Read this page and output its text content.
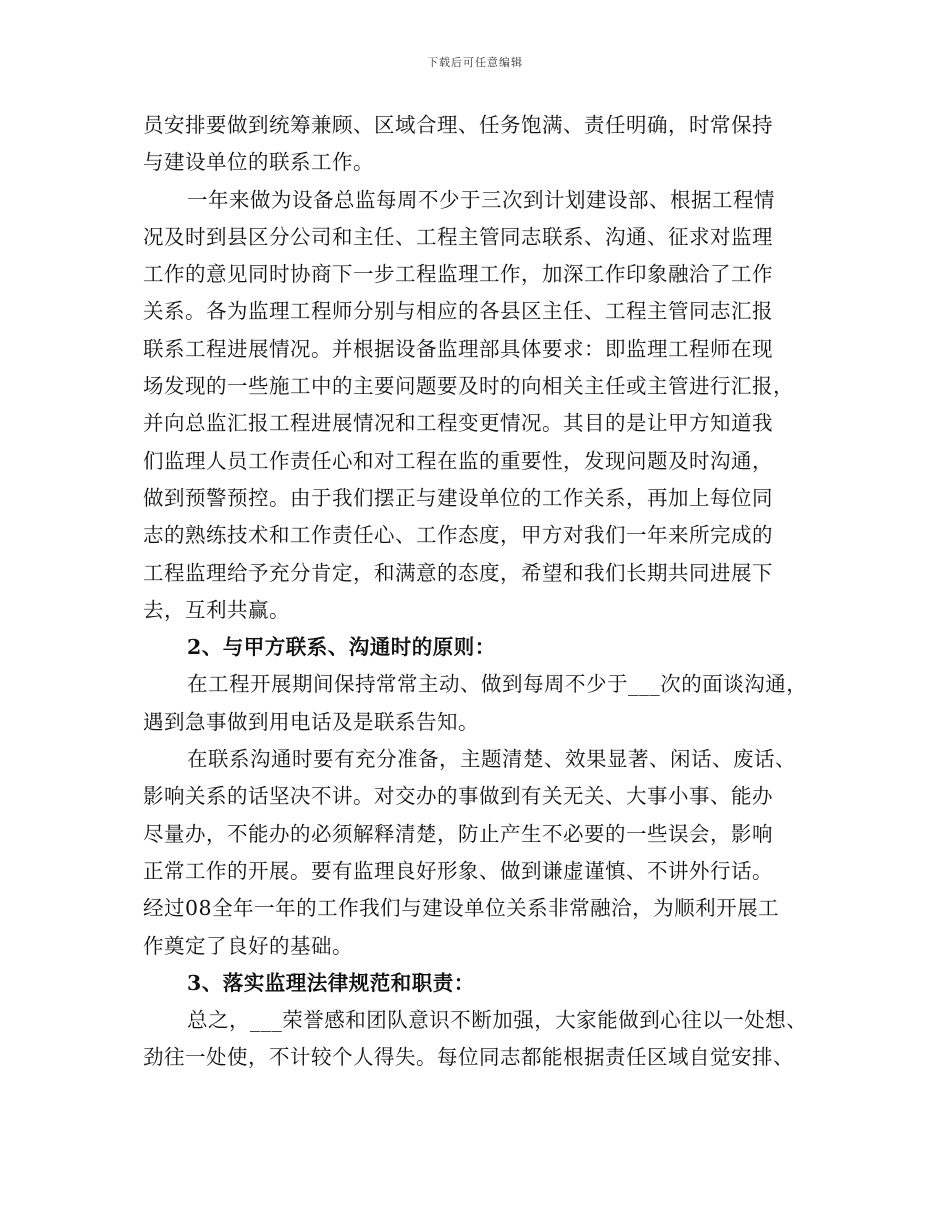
下载后可任意编辑
员安排要做到统筹兼顾、区域合理、任务饱满、责任明确，时常保持
与建设单位的联系工作。
一年来做为设备总监每周不少于三次到计划建设部、根据工程情
况及时到县区分公司和主任、工程主管同志联系、沟通、征求对监理
工作的意见同时协商下一步工程监理工作，加深工作印象融洽了工作
关系。各为监理工程师分别与相应的各县区主任、工程主管同志汇报
联系工程进展情况。并根据设备监理部具体要求：即监理工程师在现
场发现的一些施工中的主要问题要及时的向相关主任或主管进行汇报，
并向总监汇报工程进展情况和工程变更情况。其目的是让甲方知道我
们监理人员工作责任心和对工程在监的重要性，发现问题及时沟通，
做到预警预控。由于我们摆正与建设单位的工作关系，再加上每位同
志的熟练技术和工作责任心、工作态度，甲方对我们一年来所完成的
工程监理给予充分肯定，和满意的态度，希望和我们长期共同进展下
去，互利共赢。
2、与甲方联系、沟通时的原则：
在工程开展期间保持常常主动、做到每周不少于___次的面谈沟通，
遇到急事做到用电话及是联系告知。
在联系沟通时要有充分准备，主题清楚、效果显著、闲话、废话、
影响关系的话坚决不讲。对交办的事做到有关无关、大事小事、能办
尽量办，不能办的必须解释清楚，防止产生不必要的一些误会，影响
正常工作的开展。要有监理良好形象、做到谦虚谨慎、不讲外行话。
经过08全年一年的工作我们与建设单位关系非常融洽，为顺利开展工
作奠定了良好的基础。
3、落实监理法律规范和职责：
总之，___荣誉感和团队意识不断加强，大家能做到心往以一处想、
劲往一处使，不计较个人得失。每位同志都能根据责任区域自觉安排、
